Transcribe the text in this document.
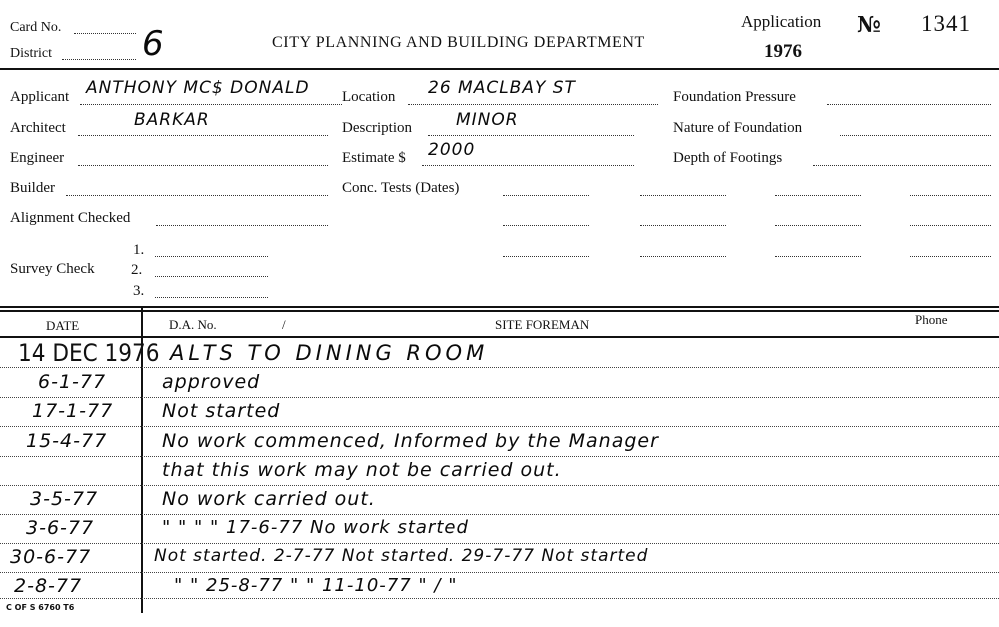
Card No.
District	6	CITY PLANNING AND BUILDING DEPARTMENT
Application
1976
№ 1341
Applicant ANTHONY MC$ DONALD Location 26 MACLBAY ST	Foundation Pressure
Architect	BARKAR	Description	MINOR	Nature of Foundation
Engineer	Estimate $ 2000	Depth of Footings
Builder	Conc. Tests (Dates)
Alignment Checked
Survey Check
1.
2.
3.
DATE	D.A. No.	/	SITE FOREMAN	Phone
14 DEC 1976 ALTS TO DINING ROOM
6-1-77	approved
17-1-77	Not started
15-4-77	No work commenced, Informed by the Manager
that this work may not be carried out.
3-5-77	No work carried out.
3-6-77	" " " " 17-6-77 No work started
30-6-77	Not started. 2-7-77 Not started. 29-7-77 Not started
2-8-77	" " 25-8-77 " " 11-10-77 " / "
C OF S 6760 T6
